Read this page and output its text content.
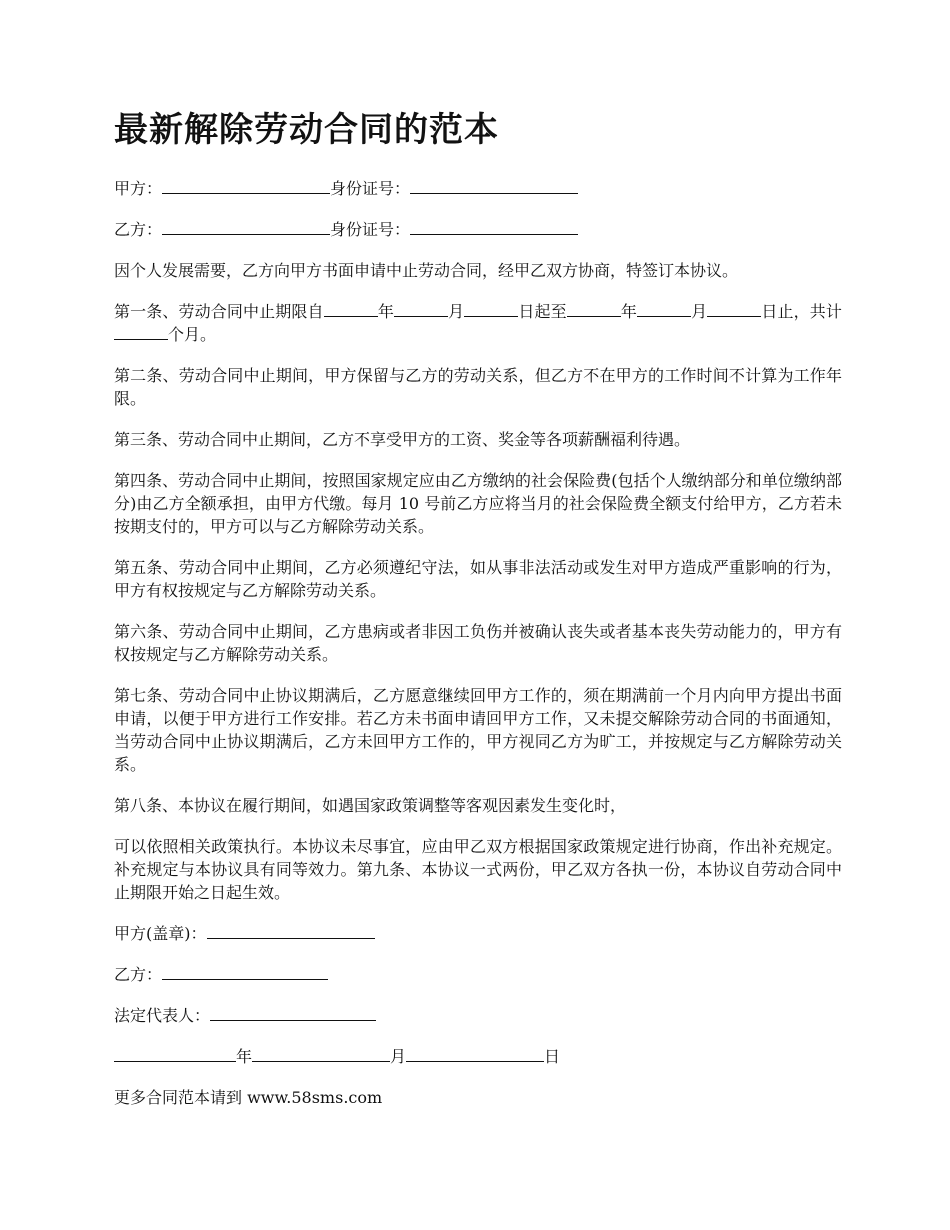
最新解除劳动合同的范本

甲方：	身份证号：

乙方：	身份证号：

因个人发展需要，乙方向甲方书面申请中止劳动合同，经甲乙双方协商，特签订本协议。

第一条、劳动合同中止期限自	年	月	日起至	年	月	日止，共计个月。

第二条、劳动合同中止期间，甲方保留与乙方的劳动关系，但乙方不在甲方的工作时间不计算为工作年限。

第三条、劳动合同中止期间，乙方不享受甲方的工资、奖金等各项薪酬福利待遇。

第四条、劳动合同中止期间，按照国家规定应由乙方缴纳的社会保险费(包括个人缴纳部分和单位缴纳部分)由乙方全额承担，由甲方代缴。每月 10 号前乙方应将当月的社会保险费全额支付给甲方，乙方若未按期支付的，甲方可以与乙方解除劳动关系。

第五条、劳动合同中止期间，乙方必须遵纪守法，如从事非法活动或发生对甲方造成严重影响的行为，甲方有权按规定与乙方解除劳动关系。

第六条、劳动合同中止期间，乙方患病或者非因工负伤并被确认丧失或者基本丧失劳动能力的，甲方有权按规定与乙方解除劳动关系。

第七条、劳动合同中止协议期满后，乙方愿意继续回甲方工作的，须在期满前一个月内向甲方提出书面申请，以便于甲方进行工作安排。若乙方未书面申请回甲方工作，又未提交解除劳动合同的书面通知，当劳动合同中止协议期满后，乙方未回甲方工作的，甲方视同乙方为旷工，并按规定与乙方解除劳动关系。

第八条、本协议在履行期间，如遇国家政策调整等客观因素发生变化时，

可以依照相关政策执行。本协议未尽事宜，应由甲乙双方根据国家政策规定进行协商，作出补充规定。补充规定与本协议具有同等效力。第九条、本协议一式两份，甲乙双方各执一份，本协议自劳动合同中止期限开始之日起生效。

甲方(盖章)：

乙方：

法定代表人：

年	月	日

更多合同范本请到 www.58sms.com
